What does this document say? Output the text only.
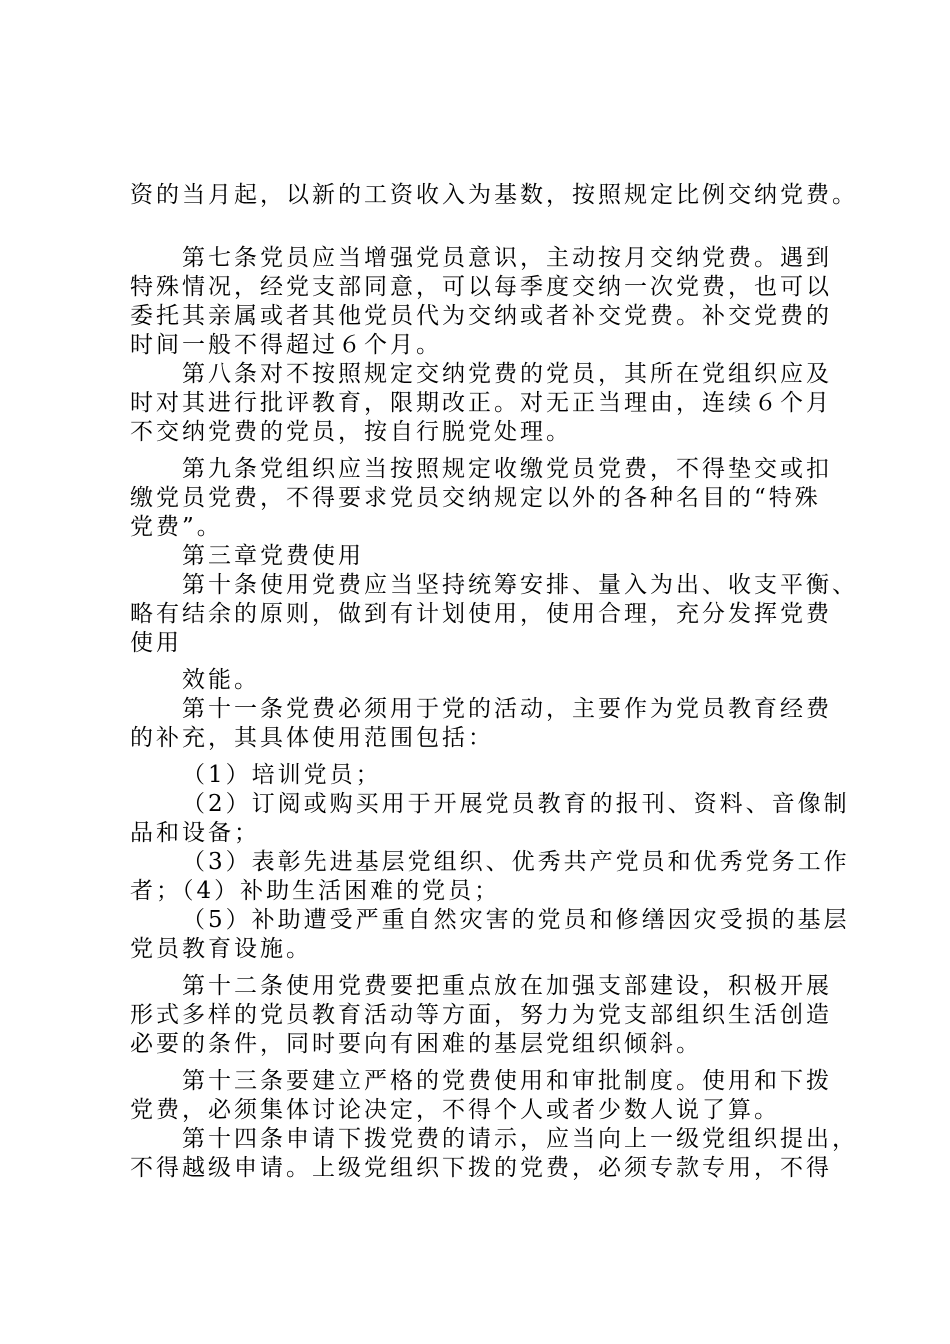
资的当月起，以新的工资收入为基数，按照规定比例交纳党费。
第七条党员应当增强党员意识，主动按月交纳党费。遇到
特殊情况，经党支部同意，可以每季度交纳一次党费，也可以
委托其亲属或者其他党员代为交纳或者补交党费。补交党费的
时间一般不得超过６个月。
第八条对不按照规定交纳党费的党员，其所在党组织应及
时对其进行批评教育，限期改正。对无正当理由，连续６个月
不交纳党费的党员，按自行脱党处理。
第九条党组织应当按照规定收缴党员党费，不得垫交或扣
缴党员党费，不得要求党员交纳规定以外的各种名目的“特殊
党费”。
第三章党费使用
第十条使用党费应当坚持统筹安排、量入为出、收支平衡、
略有结余的原则，做到有计划使用，使用合理，充分发挥党费
使用
效能。
第十一条党费必须用于党的活动，主要作为党员教育经费
的补充，其具体使用范围包括：
（1）培训党员；
（2）订阅或购买用于开展党员教育的报刊、资料、音像制
品和设备；
（3）表彰先进基层党组织、优秀共产党员和优秀党务工作
者；（4）补助生活困难的党员；
（5）补助遭受严重自然灾害的党员和修缮因灾受损的基层
党员教育设施。
第十二条使用党费要把重点放在加强支部建设，积极开展
形式多样的党员教育活动等方面，努力为党支部组织生活创造
必要的条件，同时要向有困难的基层党组织倾斜。
第十三条要建立严格的党费使用和审批制度。使用和下拨
党费，必须集体讨论决定，不得个人或者少数人说了算。
第十四条申请下拨党费的请示，应当向上一级党组织提出，
不得越级申请。上级党组织下拨的党费，必须专款专用，不得
